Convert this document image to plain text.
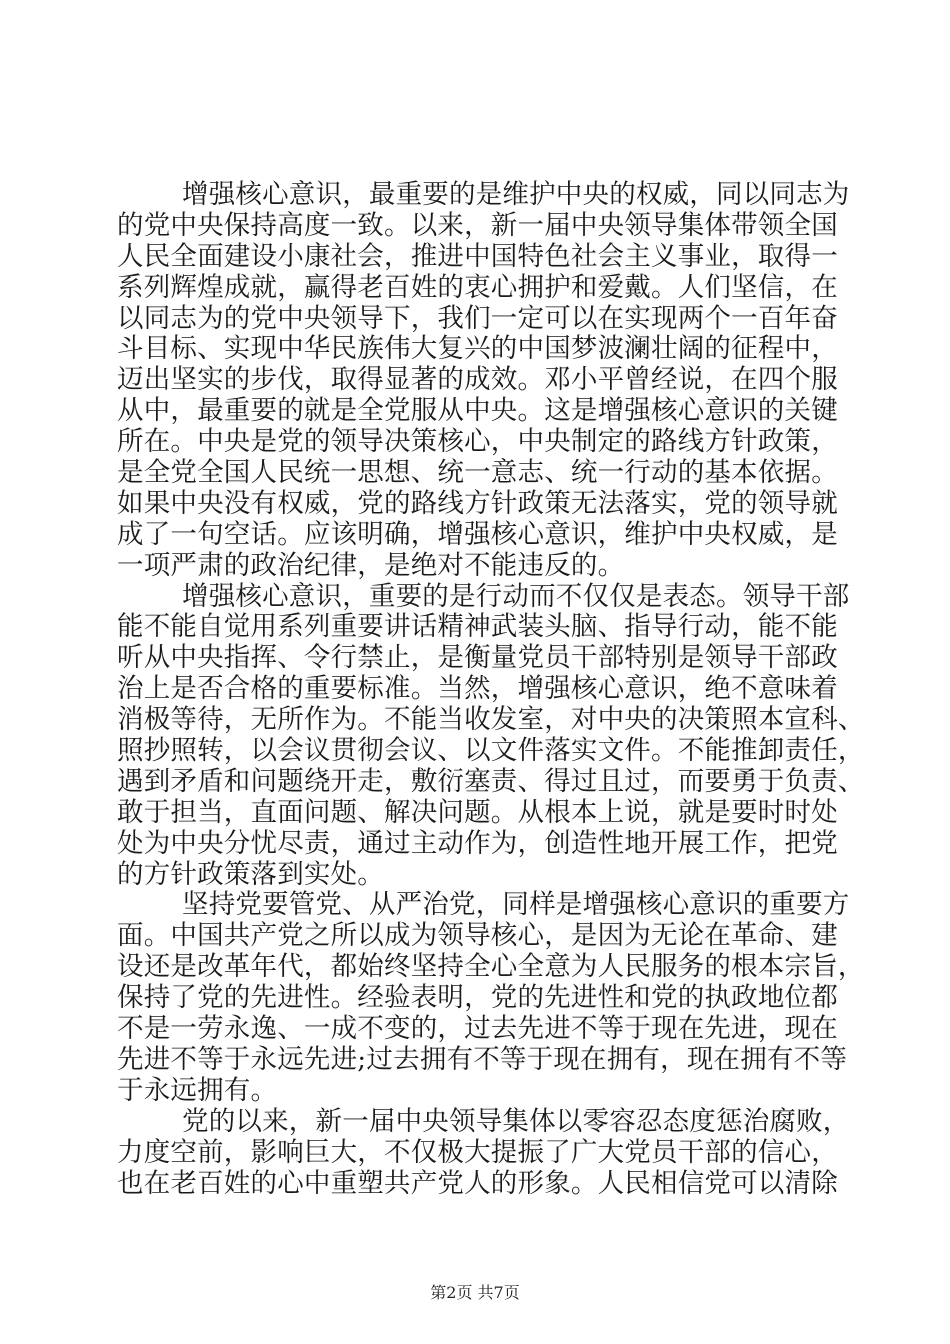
增强核心意识，最重要的是维护中央的权威，同以同志为
的党中央保持高度一致。以来，新一届中央领导集体带领全国
人民全面建设小康社会，推进中国特色社会主义事业，取得一
系列辉煌成就，赢得老百姓的衷心拥护和爱戴。人们坚信，在
以同志为的党中央领导下，我们一定可以在实现两个一百年奋
斗目标、实现中华民族伟大复兴的中国梦波澜壮阔的征程中，
迈出坚实的步伐，取得显著的成效。邓小平曾经说，在四个服
从中，最重要的就是全党服从中央。这是增强核心意识的关键
所在。中央是党的领导决策核心，中央制定的路线方针政策，
是全党全国人民统一思想、统一意志、统一行动的基本依据。
如果中央没有权威，党的路线方针政策无法落实，党的领导就
成了一句空话。应该明确，增强核心意识，维护中央权威，是
一项严肃的政治纪律，是绝对不能违反的。
增强核心意识，重要的是行动而不仅仅是表态。领导干部
能不能自觉用系列重要讲话精神武装头脑、指导行动，能不能
听从中央指挥、令行禁止，是衡量党员干部特别是领导干部政
治上是否合格的重要标准。当然，增强核心意识，绝不意味着
消极等待，无所作为。不能当收发室，对中央的决策照本宣科、
照抄照转，以会议贯彻会议、以文件落实文件。不能推卸责任，
遇到矛盾和问题绕开走，敷衍塞责、得过且过，而要勇于负责、
敢于担当，直面问题、解决问题。从根本上说，就是要时时处
处为中央分忧尽责，通过主动作为，创造性地开展工作，把党
的方针政策落到实处。
坚持党要管党、从严治党，同样是增强核心意识的重要方
面。中国共产党之所以成为领导核心，是因为无论在革命、建
设还是改革年代，都始终坚持全心全意为人民服务的根本宗旨，
保持了党的先进性。经验表明，党的先进性和党的执政地位都
不是一劳永逸、一成不变的，过去先进不等于现在先进，现在
先进不等于永远先进;过去拥有不等于现在拥有，现在拥有不等
于永远拥有。
党的以来，新一届中央领导集体以零容忍态度惩治腐败，
力度空前，影响巨大，不仅极大提振了广大党员干部的信心，
也在老百姓的心中重塑共产党人的形象。人民相信党可以清除
第2页 共7页
